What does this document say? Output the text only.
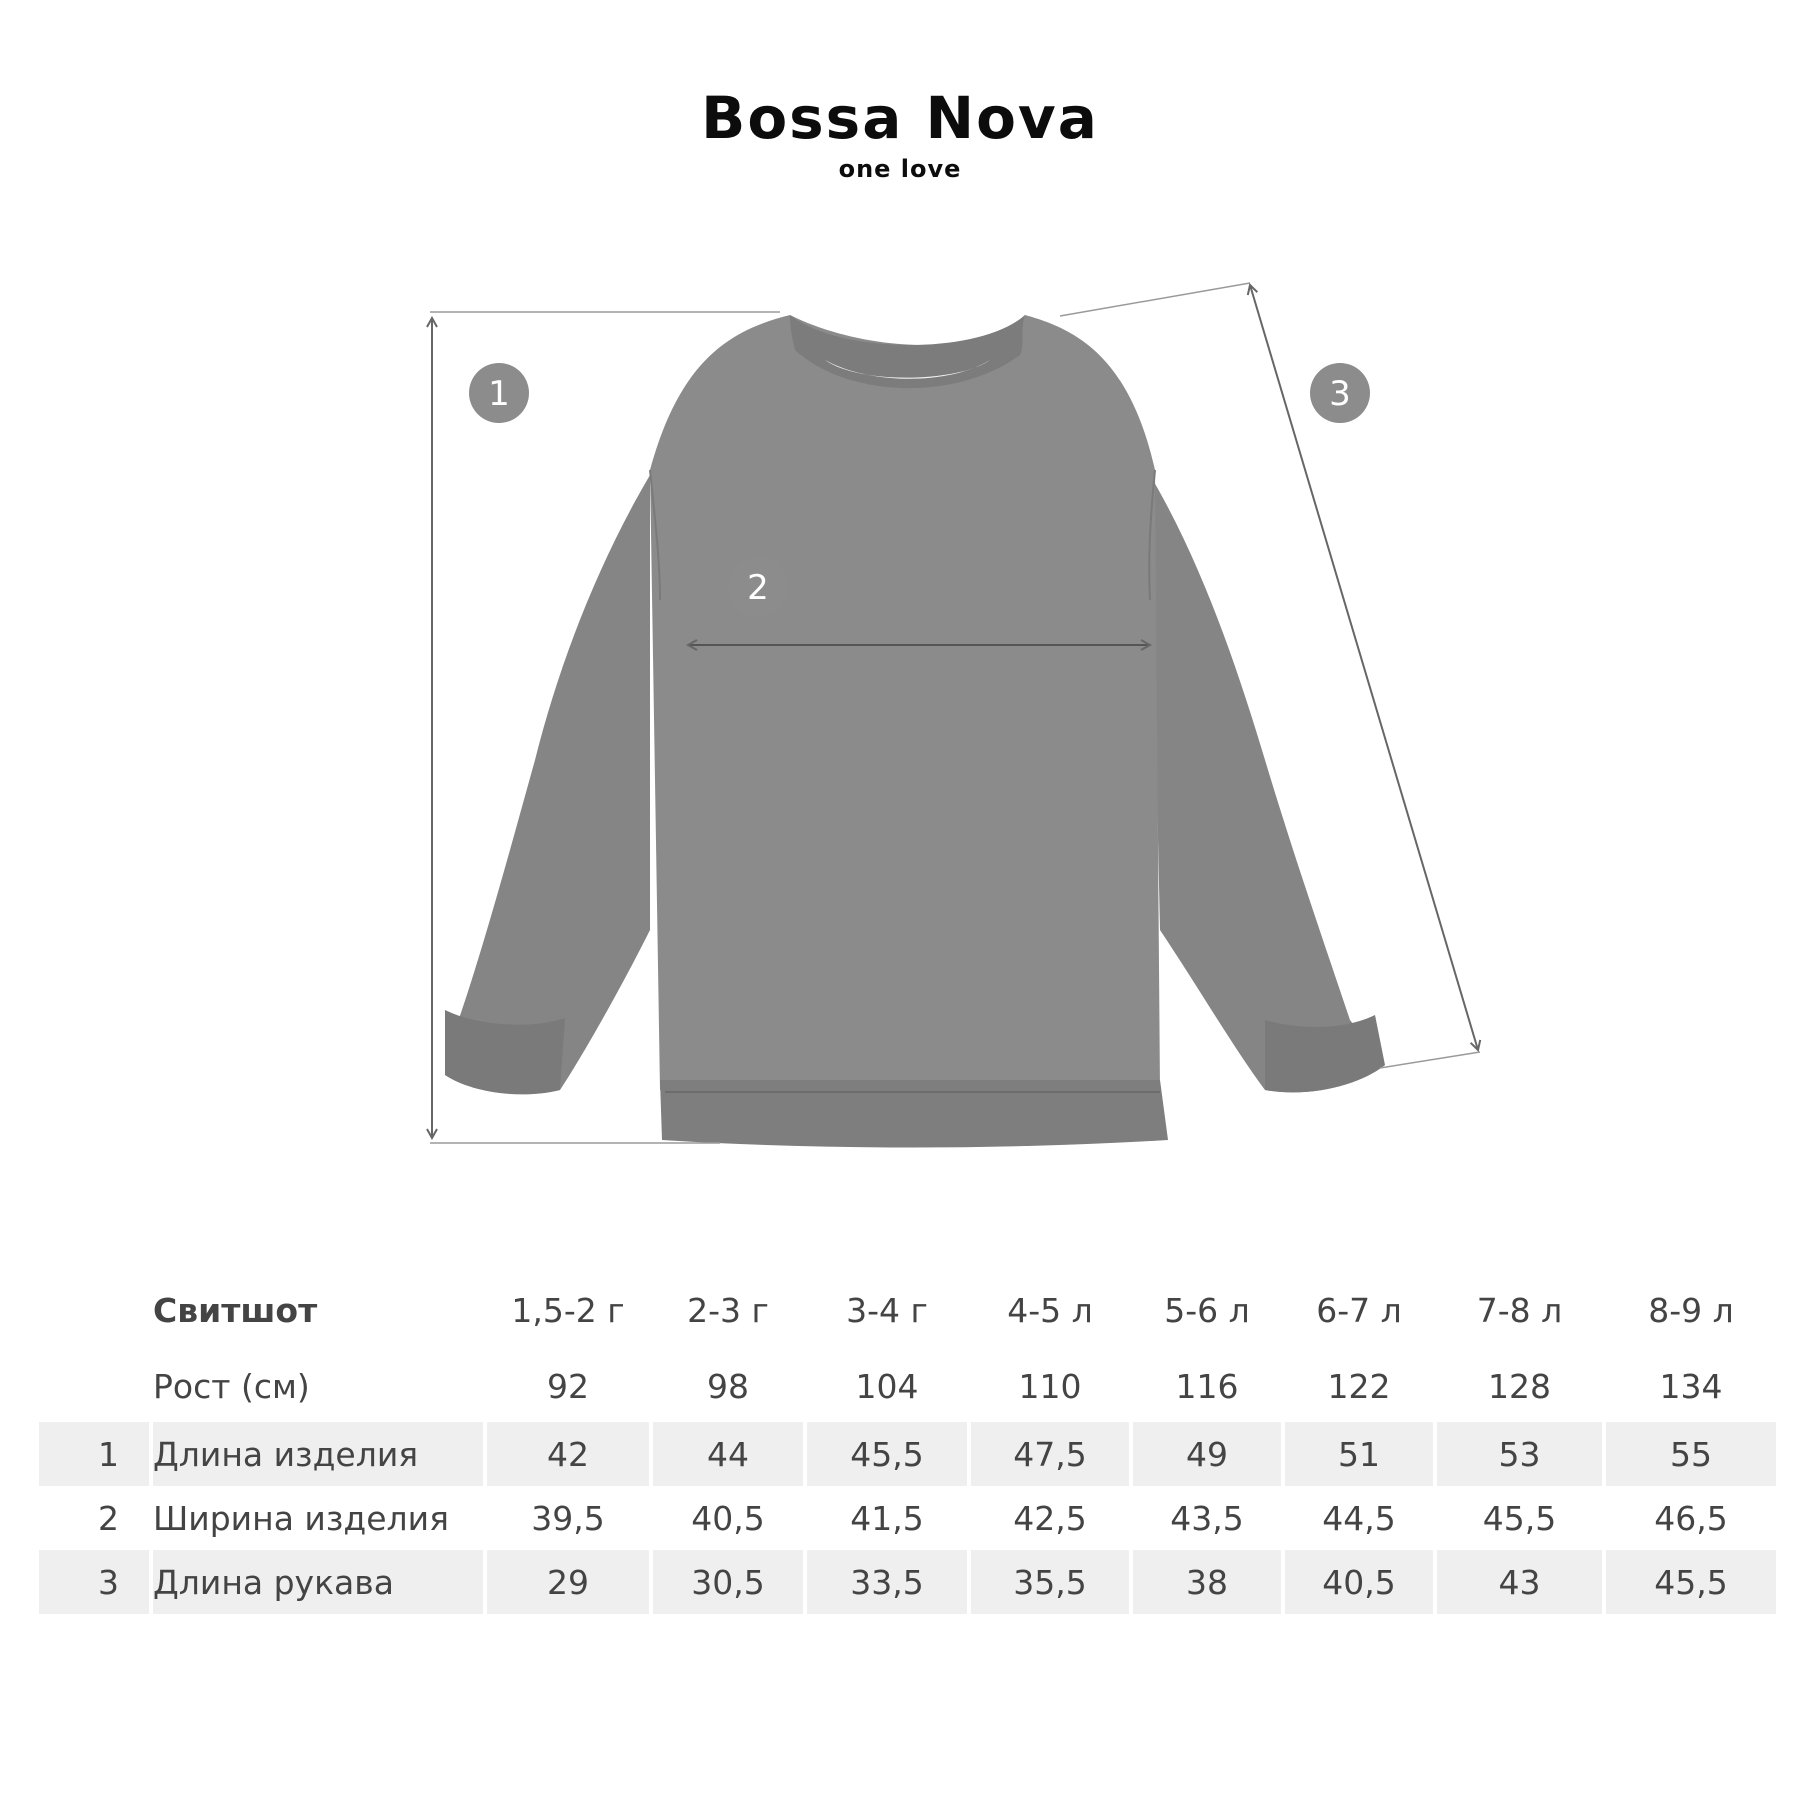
Bossa Nova
one love
1
2
3
	Свитшот	1,5-2 г	2-3 г	3-4 г	4-5 л	5-6 л	6-7 л	7-8 л	8-9 л
	Рост (см)	92	98	104	110	116	122	128	134
1	Длина изделия	42	44	45,5	47,5	49	51	53	55
2	Ширина изделия	39,5	40,5	41,5	42,5	43,5	44,5	45,5	46,5
3	Длина рукава	29	30,5	33,5	35,5	38	40,5	43	45,5
